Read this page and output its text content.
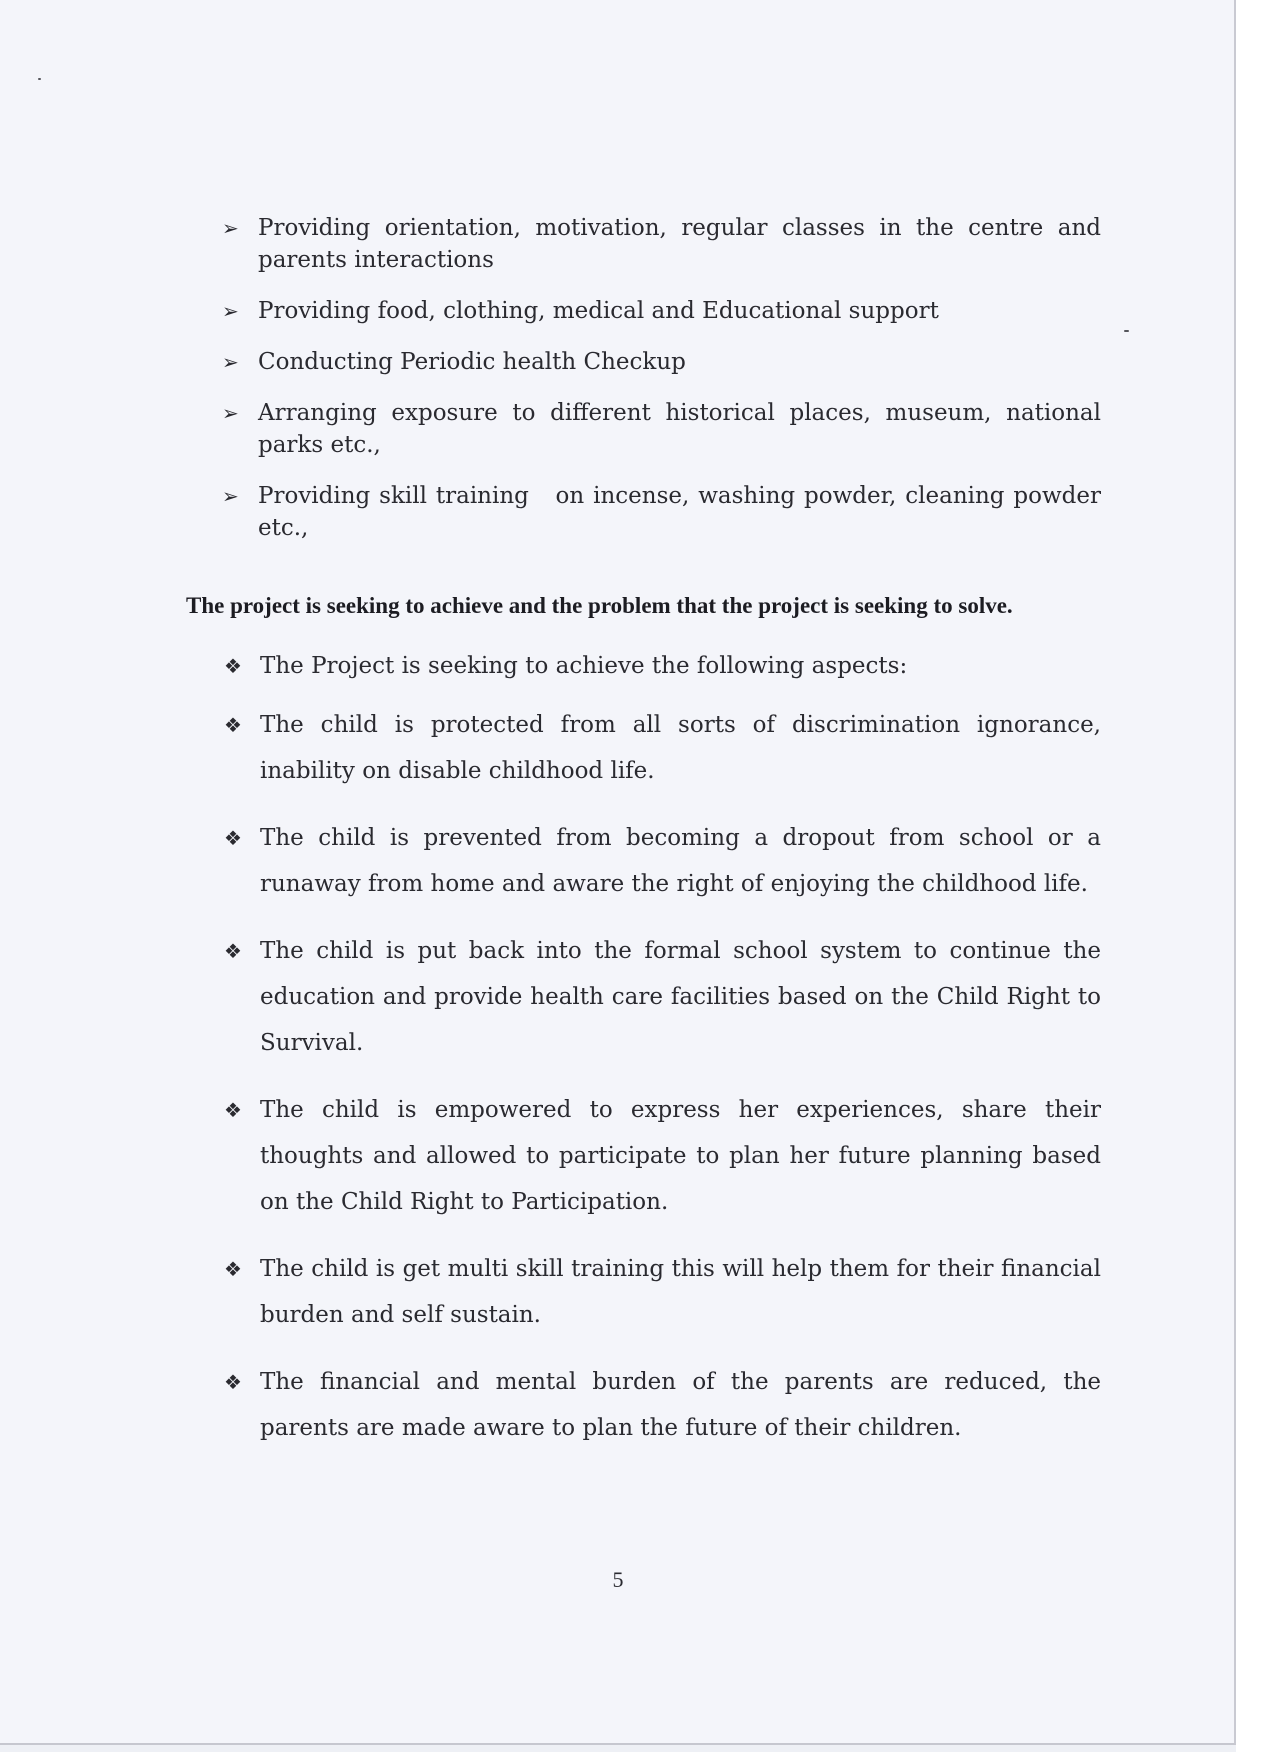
➢ Providing orientation, motivation, regular classes in the centre and parents interactions
➢ Providing food, clothing, medical and Educational support
➢ Conducting Periodic health Checkup
➢ Arranging exposure to different historical places, museum, national parks etc.,
➢ Providing skill training   on incense, washing powder, cleaning powder etc.,
The project is seeking to achieve and the problem that the project is seeking to solve.
❖ The Project is seeking to achieve the following aspects:
❖ The child is protected from all sorts of discrimination ignorance, inability on disable childhood life.
❖ The child is prevented from becoming a dropout from school or a runaway from home and aware the right of enjoying the childhood life.
❖ The child is put back into the formal school system to continue the education and provide health care facilities based on the Child Right to Survival.
❖ The child is empowered to express her experiences, share their thoughts and allowed to participate to plan her future planning based on the Child Right to Participation.
❖ The child is get multi skill training this will help them for their financial burden and self sustain.
❖ The financial and mental burden of the parents are reduced, the parents are made aware to plan the future of their children.
5
